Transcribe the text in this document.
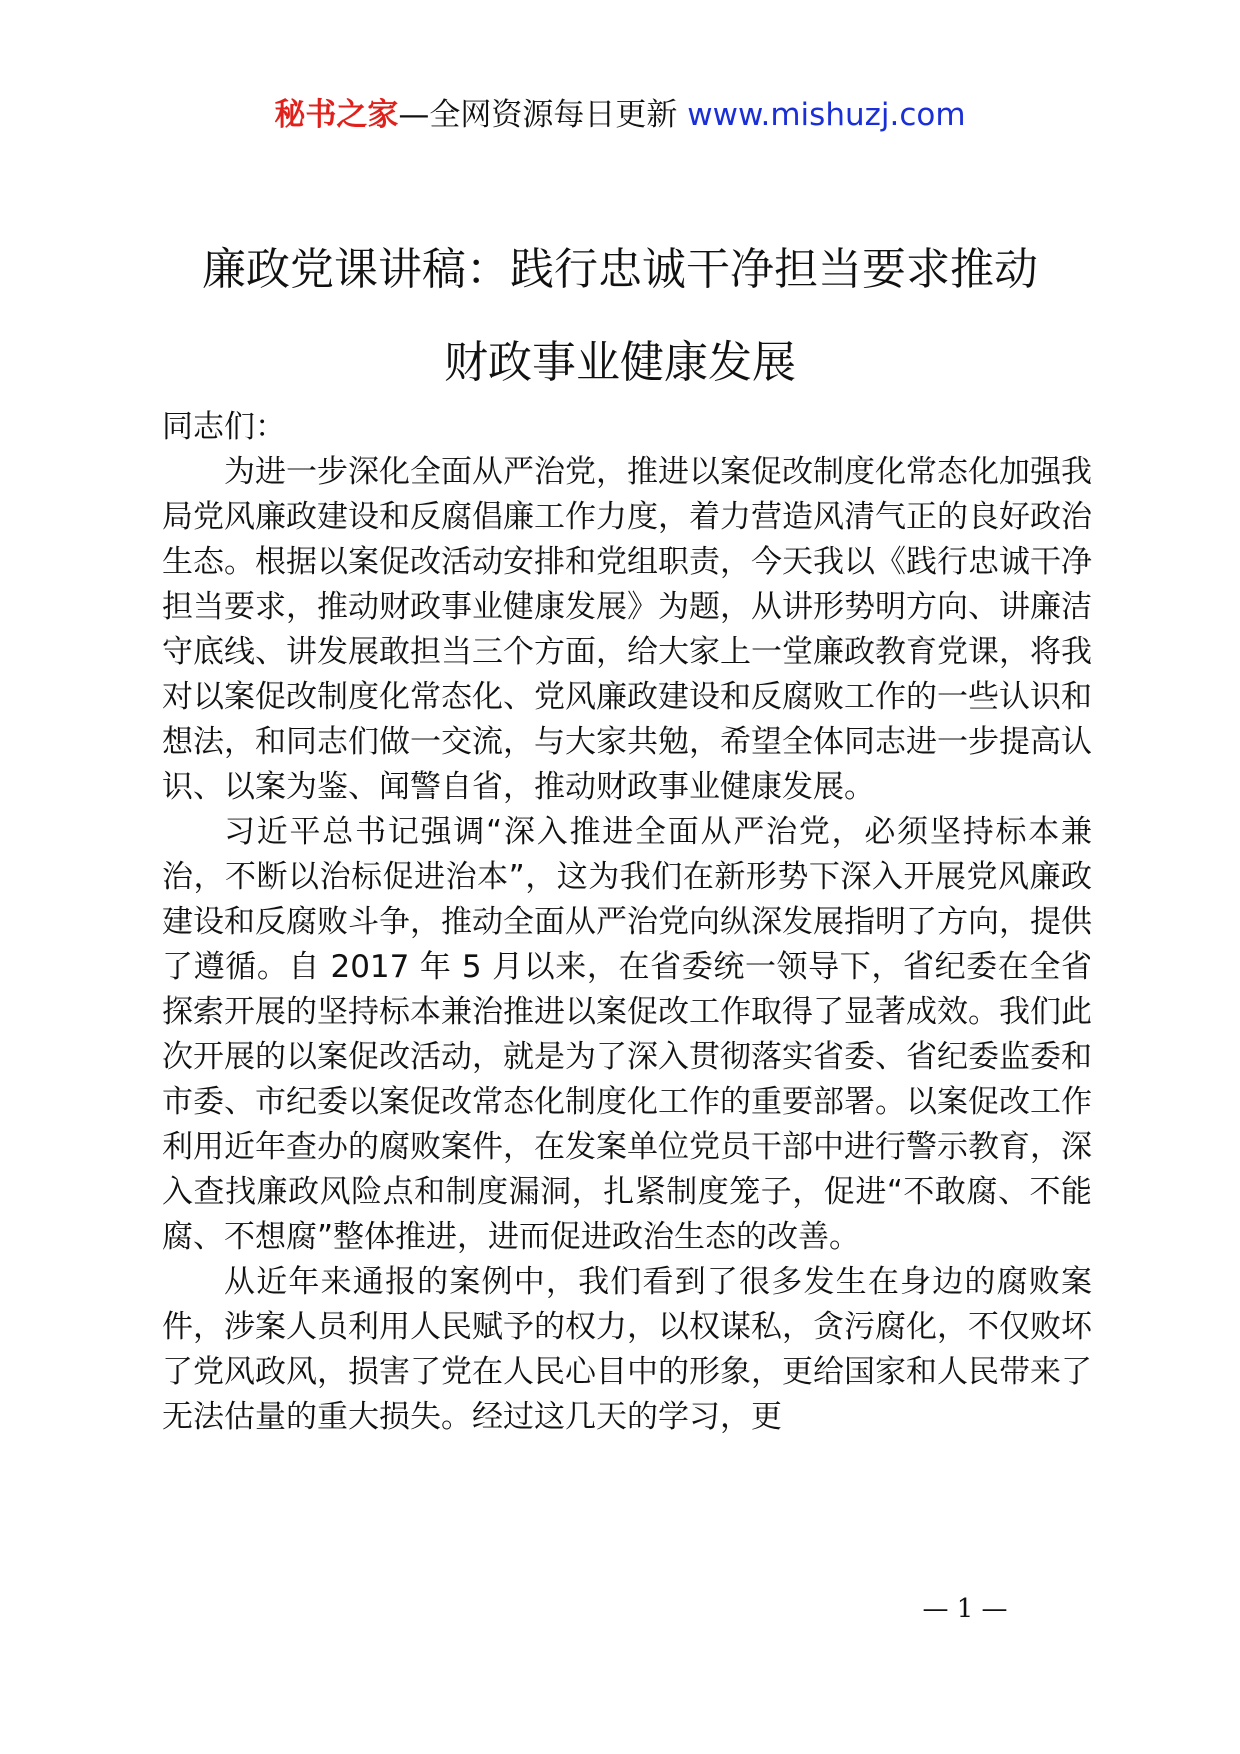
秘书之家—全网资源每日更新 www.mishuzj.com
廉政党课讲稿：践行忠诚干净担当要求推动
财政事业健康发展

同志们：

为进一步深化全面从严治党，推进以案促改制度化常态化加强我局党风廉政建设和反腐倡廉工作力度，着力营造风清气正的良好政治生态。根据以案促改活动安排和党组职责，今天我以《践行忠诚干净担当要求，推动财政事业健康发展》为题，从讲形势明方向、讲廉洁守底线、讲发展敢担当三个方面，给大家上一堂廉政教育党课，将我对以案促改制度化常态化、党风廉政建设和反腐败工作的一些认识和想法，和同志们做一交流，与大家共勉，希望全体同志进一步提高认识、以案为鉴、闻警自省，推动财政事业健康发展。

习近平总书记强调“深入推进全面从严治党，必须坚持标本兼治，不断以治标促进治本”，这为我们在新形势下深入开展党风廉政建设和反腐败斗争，推动全面从严治党向纵深发展指明了方向，提供了遵循。自 2017 年 5 月以来，在省委统一领导下，省纪委在全省探索开展的坚持标本兼治推进以案促改工作取得了显著成效。我们此次开展的以案促改活动，就是为了深入贯彻落实省委、省纪委监委和市委、市纪委以案促改常态化制度化工作的重要部署。以案促改工作利用近年查办的腐败案件，在发案单位党员干部中进行警示教育，深入查找廉政风险点和制度漏洞，扎紧制度笼子，促进“不敢腐、不能腐、不想腐”整体推进，进而促进政治生态的改善。

从近年来通报的案例中，我们看到了很多发生在身边的腐败案件，涉案人员利用人民赋予的权力，以权谋私，贪污腐化，不仅败坏了党风政风，损害了党在人民心目中的形象，更给国家和人民带来了无法估量的重大损失。经过这几天的学习，更

— 1 —
